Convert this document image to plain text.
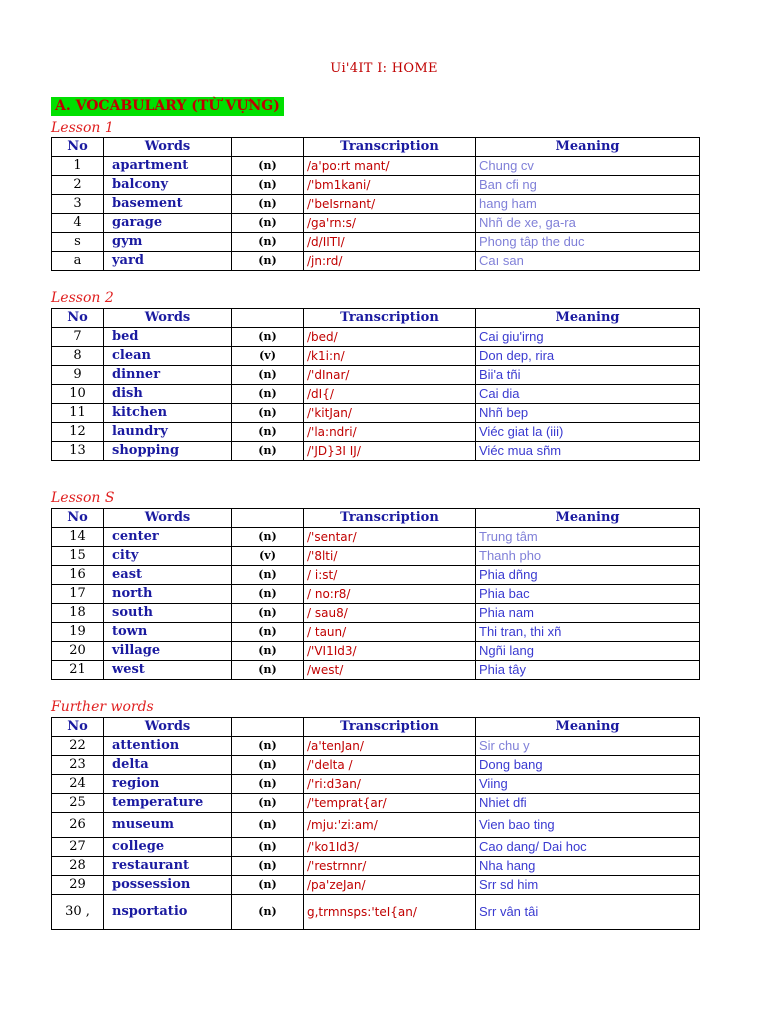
Ui'4IT I: HOME
A. VOCABULARY (TỪ VỰNG)
Lesson 1
No	Words		Transcription	Meaning
1	apartment	(n)	/a'po:rt mant/	Chung cv
2	balcony	(n)	/'bm1kani/	Ban cfi ng
3	basement	(n)	/'beIsrnant/	hang ham
4	garage	(n)	/ga'rn:s/	Nhñ de xe, ga-ra
s	gym	(n)	/d/IITI/	Phong tâp the duc
a	yard	(n)	/jn:rd/	Caı san
Lesson 2
No	Words		Transcription	Meaning
7	bed	(n)	/bed/	Cai giu'irng
8	clean	(v)	/k1i:n/	Don dep, rira
9	dinner	(n)	/'dInar/	Bii'a tñi
10	dish	(n)	/dI{/	Cai dia
11	kitchen	(n)	/'kitJan/	Nhñ bep
12	laundry	(n)	/'la:ndri/	Viéc giat la (iii)
13	shopping	(n)	/'JD}3I IJ/	Viéc mua sñm
Lesson S
No	Words		Transcription	Meaning
14	center	(n)	/'sentar/	Trung tâm
15	city	(v)	/'8lti/	Thanh pho
16	east	(n)	/ i:st/	Phia dñng
17	north	(n)	/ no:r8/	Phia bac
18	south	(n)	/ sau8/	Phia nam
19	town	(n)	/ taun/	Thi tran, thi xñ
20	village	(n)	/'VI1Id3/	Ngñi lang
21	west	(n)	/west/	Phia tây
Further words
No	Words		Transcription	Meaning
22	attention	(n)	/a'tenJan/	Sir chu y
23	delta	(n)	/'delta /	Dong bang
24	region	(n)	/'ri:d3an/	Viing
25	temperature	(n)	/'temprat{ar/	Nhiet dfi
26	museum	(n)	/mju:'zi:am/	Vien bao ting
27	college	(n)	/'ko1Id3/	Cao dang/ Dai hoc
28	restaurant	(n)	/'restrnnr/	Nha hang
29	possession	(n)	/pa'zeJan/	Srr sd him
30 ,	nsportatio	(n)	g,trmnsps:'teI{an/	Srr vân tâi
